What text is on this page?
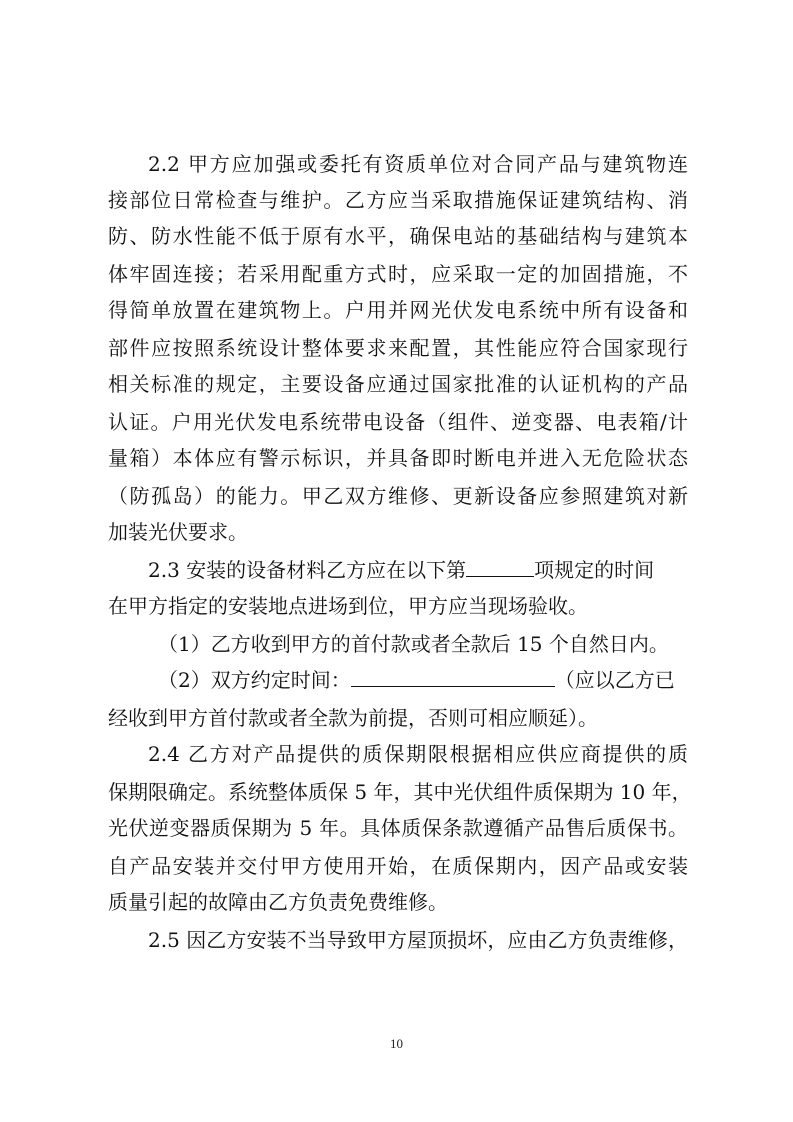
2.2 甲方应加强或委托有资质单位对合同产品与建筑物连
接部位日常检查与维护。乙方应当采取措施保证建筑结构、消
防、防水性能不低于原有水平，确保电站的基础结构与建筑本
体牢固连接；若采用配重方式时，应采取一定的加固措施，不
得简单放置在建筑物上。户用并网光伏发电系统中所有设备和
部件应按照系统设计整体要求来配置，其性能应符合国家现行
相关标准的规定，主要设备应通过国家批准的认证机构的产品
认证。户用光伏发电系统带电设备（组件、逆变器、电表箱/计
量箱）本体应有警示标识，并具备即时断电并进入无危险状态
（防孤岛）的能力。甲乙双方维修、更新设备应参照建筑对新
加装光伏要求。
2.3 安装的设备材料乙方应在以下第	项规定的时间
在甲方指定的安装地点进场到位，甲方应当现场验收。
（1）乙方收到甲方的首付款或者全款后 15 个自然日内。
（2）双方约定时间：	（应以乙方已
经收到甲方首付款或者全款为前提，否则可相应顺延）。
2.4 乙方对产品提供的质保期限根据相应供应商提供的质
保期限确定。系统整体质保 5 年，其中光伏组件质保期为 10 年，
光伏逆变器质保期为 5 年。具体质保条款遵循产品售后质保书。
自产品安装并交付甲方使用开始，在质保期内，因产品或安装
质量引起的故障由乙方负责免费维修。
2.5 因乙方安装不当导致甲方屋顶损坏，应由乙方负责维修，
10
